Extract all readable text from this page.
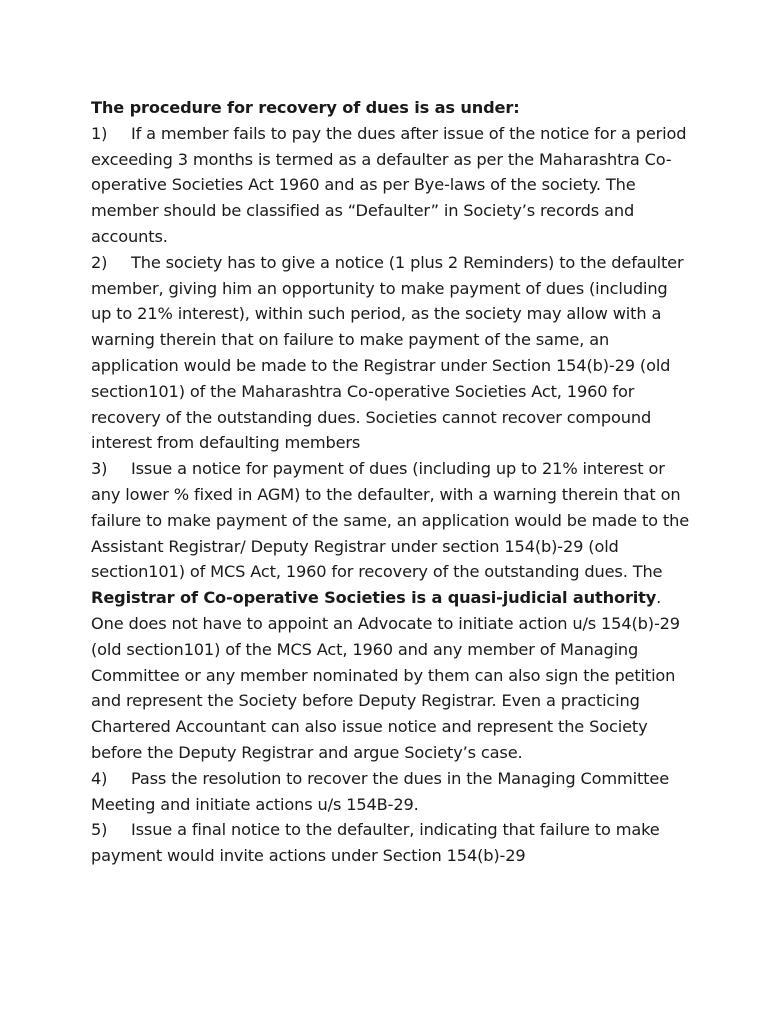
The procedure for recovery of dues is as under:

1) If a member fails to pay the dues after issue of the notice for a period exceeding 3 months is termed as a defaulter as per the Maharashtra Co-operative Societies Act 1960 and as per Bye-laws of the society. The member should be classified as “Defaulter” in Society’s records and accounts.

2) The society has to give a notice (1 plus 2 Reminders) to the defaulter member, giving him an opportunity to make payment of dues (including up to 21% interest), within such period, as the society may allow with a warning therein that on failure to make payment of the same, an application would be made to the Registrar under Section 154(b)-29 (old section101) of the Maharashtra Co-operative Societies Act, 1960 for recovery of the outstanding dues. Societies cannot recover compound interest from defaulting members

3) Issue a notice for payment of dues (including up to 21% interest or any lower % fixed in AGM) to the defaulter, with a warning therein that on failure to make payment of the same, an application would be made to the Assistant Registrar/ Deputy Registrar under section 154(b)-29 (old section101) of MCS Act, 1960 for recovery of the outstanding dues. The Registrar of Co-operative Societies is a quasi-judicial authority. One does not have to appoint an Advocate to initiate action u/s 154(b)-29 (old section101) of the MCS Act, 1960 and any member of Managing Committee or any member nominated by them can also sign the petition and represent the Society before Deputy Registrar. Even a practicing Chartered Accountant can also issue notice and represent the Society before the Deputy Registrar and argue Society’s case.

4) Pass the resolution to recover the dues in the Managing Committee Meeting and initiate actions u/s 154B-29.

5) Issue a final notice to the defaulter, indicating that failure to make payment would invite actions under Section 154(b)-29
